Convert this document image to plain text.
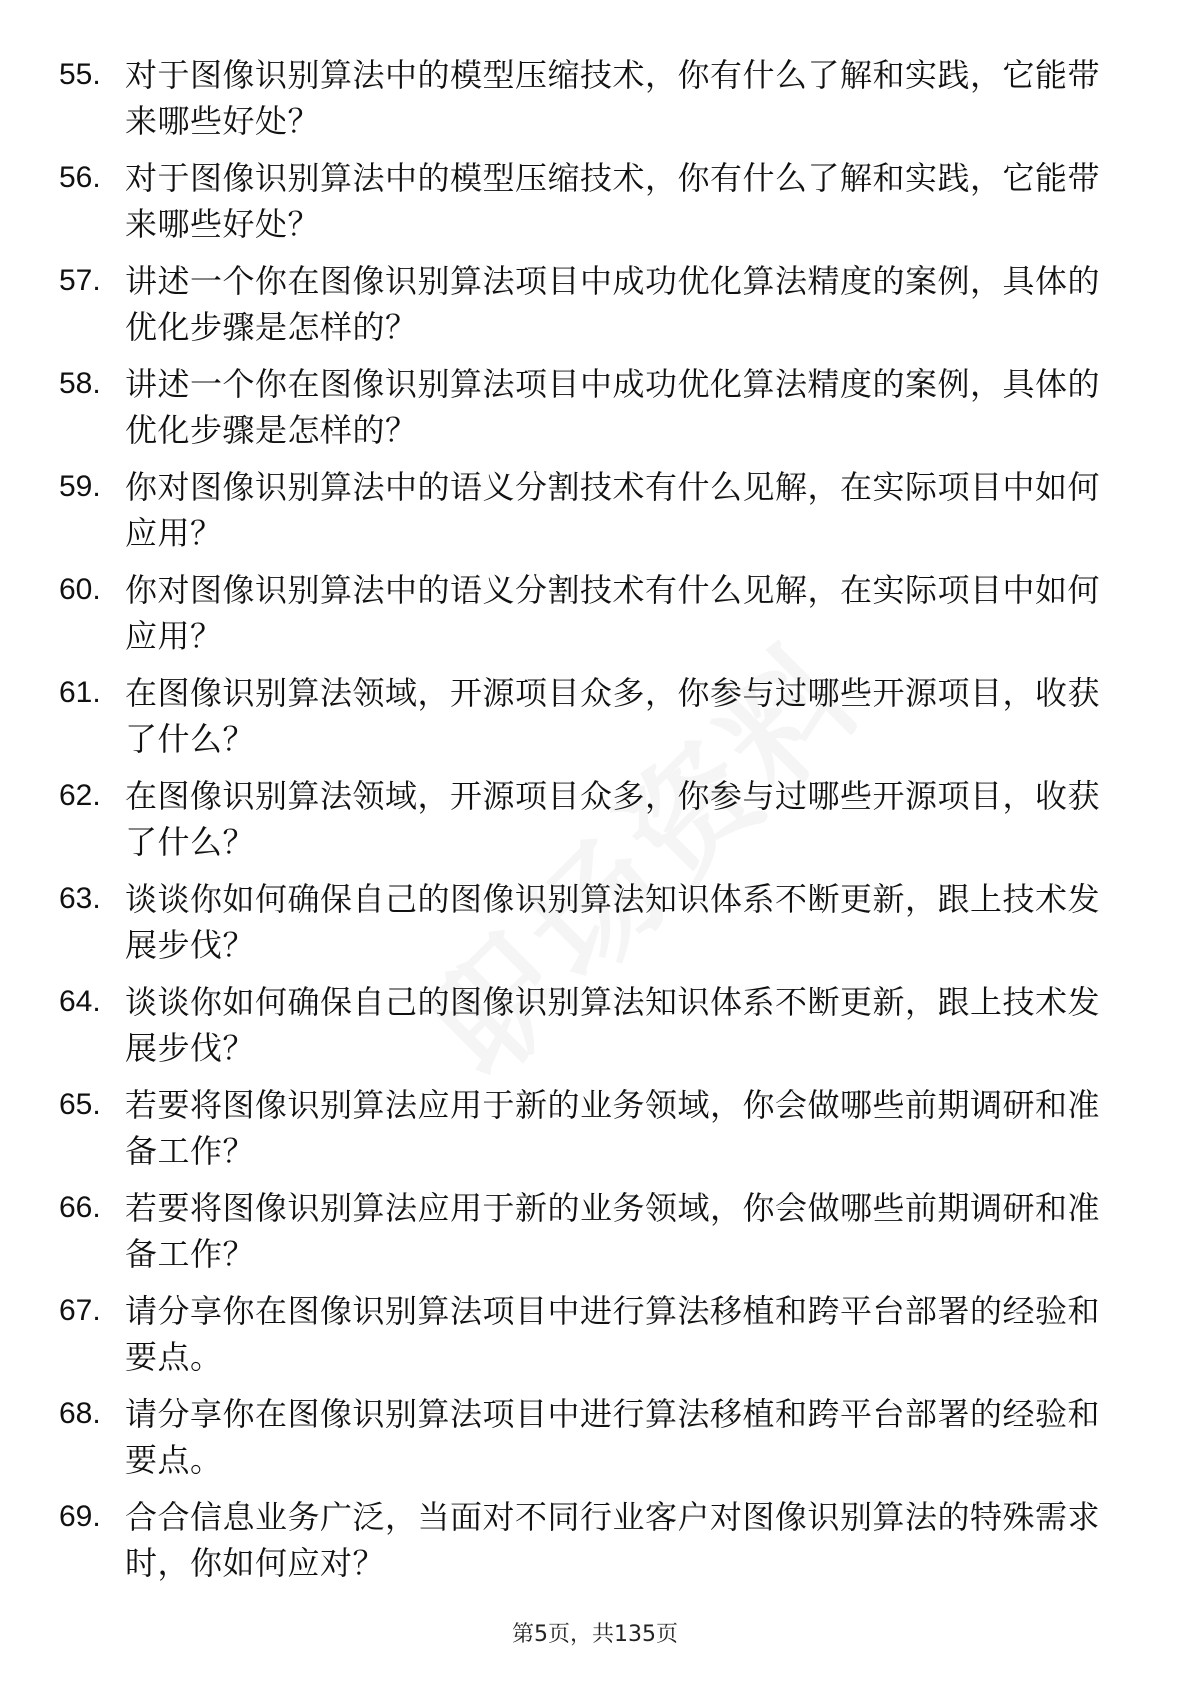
55. 对于图像识别算法中的模型压缩技术，你有什么了解和实践，它能带来哪些好处？
56. 对于图像识别算法中的模型压缩技术，你有什么了解和实践，它能带来哪些好处？
57. 讲述一个你在图像识别算法项目中成功优化算法精度的案例，具体的优化步骤是怎样的？
58. 讲述一个你在图像识别算法项目中成功优化算法精度的案例，具体的优化步骤是怎样的？
59. 你对图像识别算法中的语义分割技术有什么见解，在实际项目中如何应用？
60. 你对图像识别算法中的语义分割技术有什么见解，在实际项目中如何应用？
61. 在图像识别算法领域，开源项目众多，你参与过哪些开源项目，收获了什么？
62. 在图像识别算法领域，开源项目众多，你参与过哪些开源项目，收获了什么？
63. 谈谈你如何确保自己的图像识别算法知识体系不断更新，跟上技术发展步伐？
64. 谈谈你如何确保自己的图像识别算法知识体系不断更新，跟上技术发展步伐？
65. 若要将图像识别算法应用于新的业务领域，你会做哪些前期调研和准备工作？
66. 若要将图像识别算法应用于新的业务领域，你会做哪些前期调研和准备工作？
67. 请分享你在图像识别算法项目中进行算法移植和跨平台部署的经验和要点。
68. 请分享你在图像识别算法项目中进行算法移植和跨平台部署的经验和要点。
69. 合合信息业务广泛，当面对不同行业客户对图像识别算法的特殊需求时，你如何应对？
第5页，共135页
